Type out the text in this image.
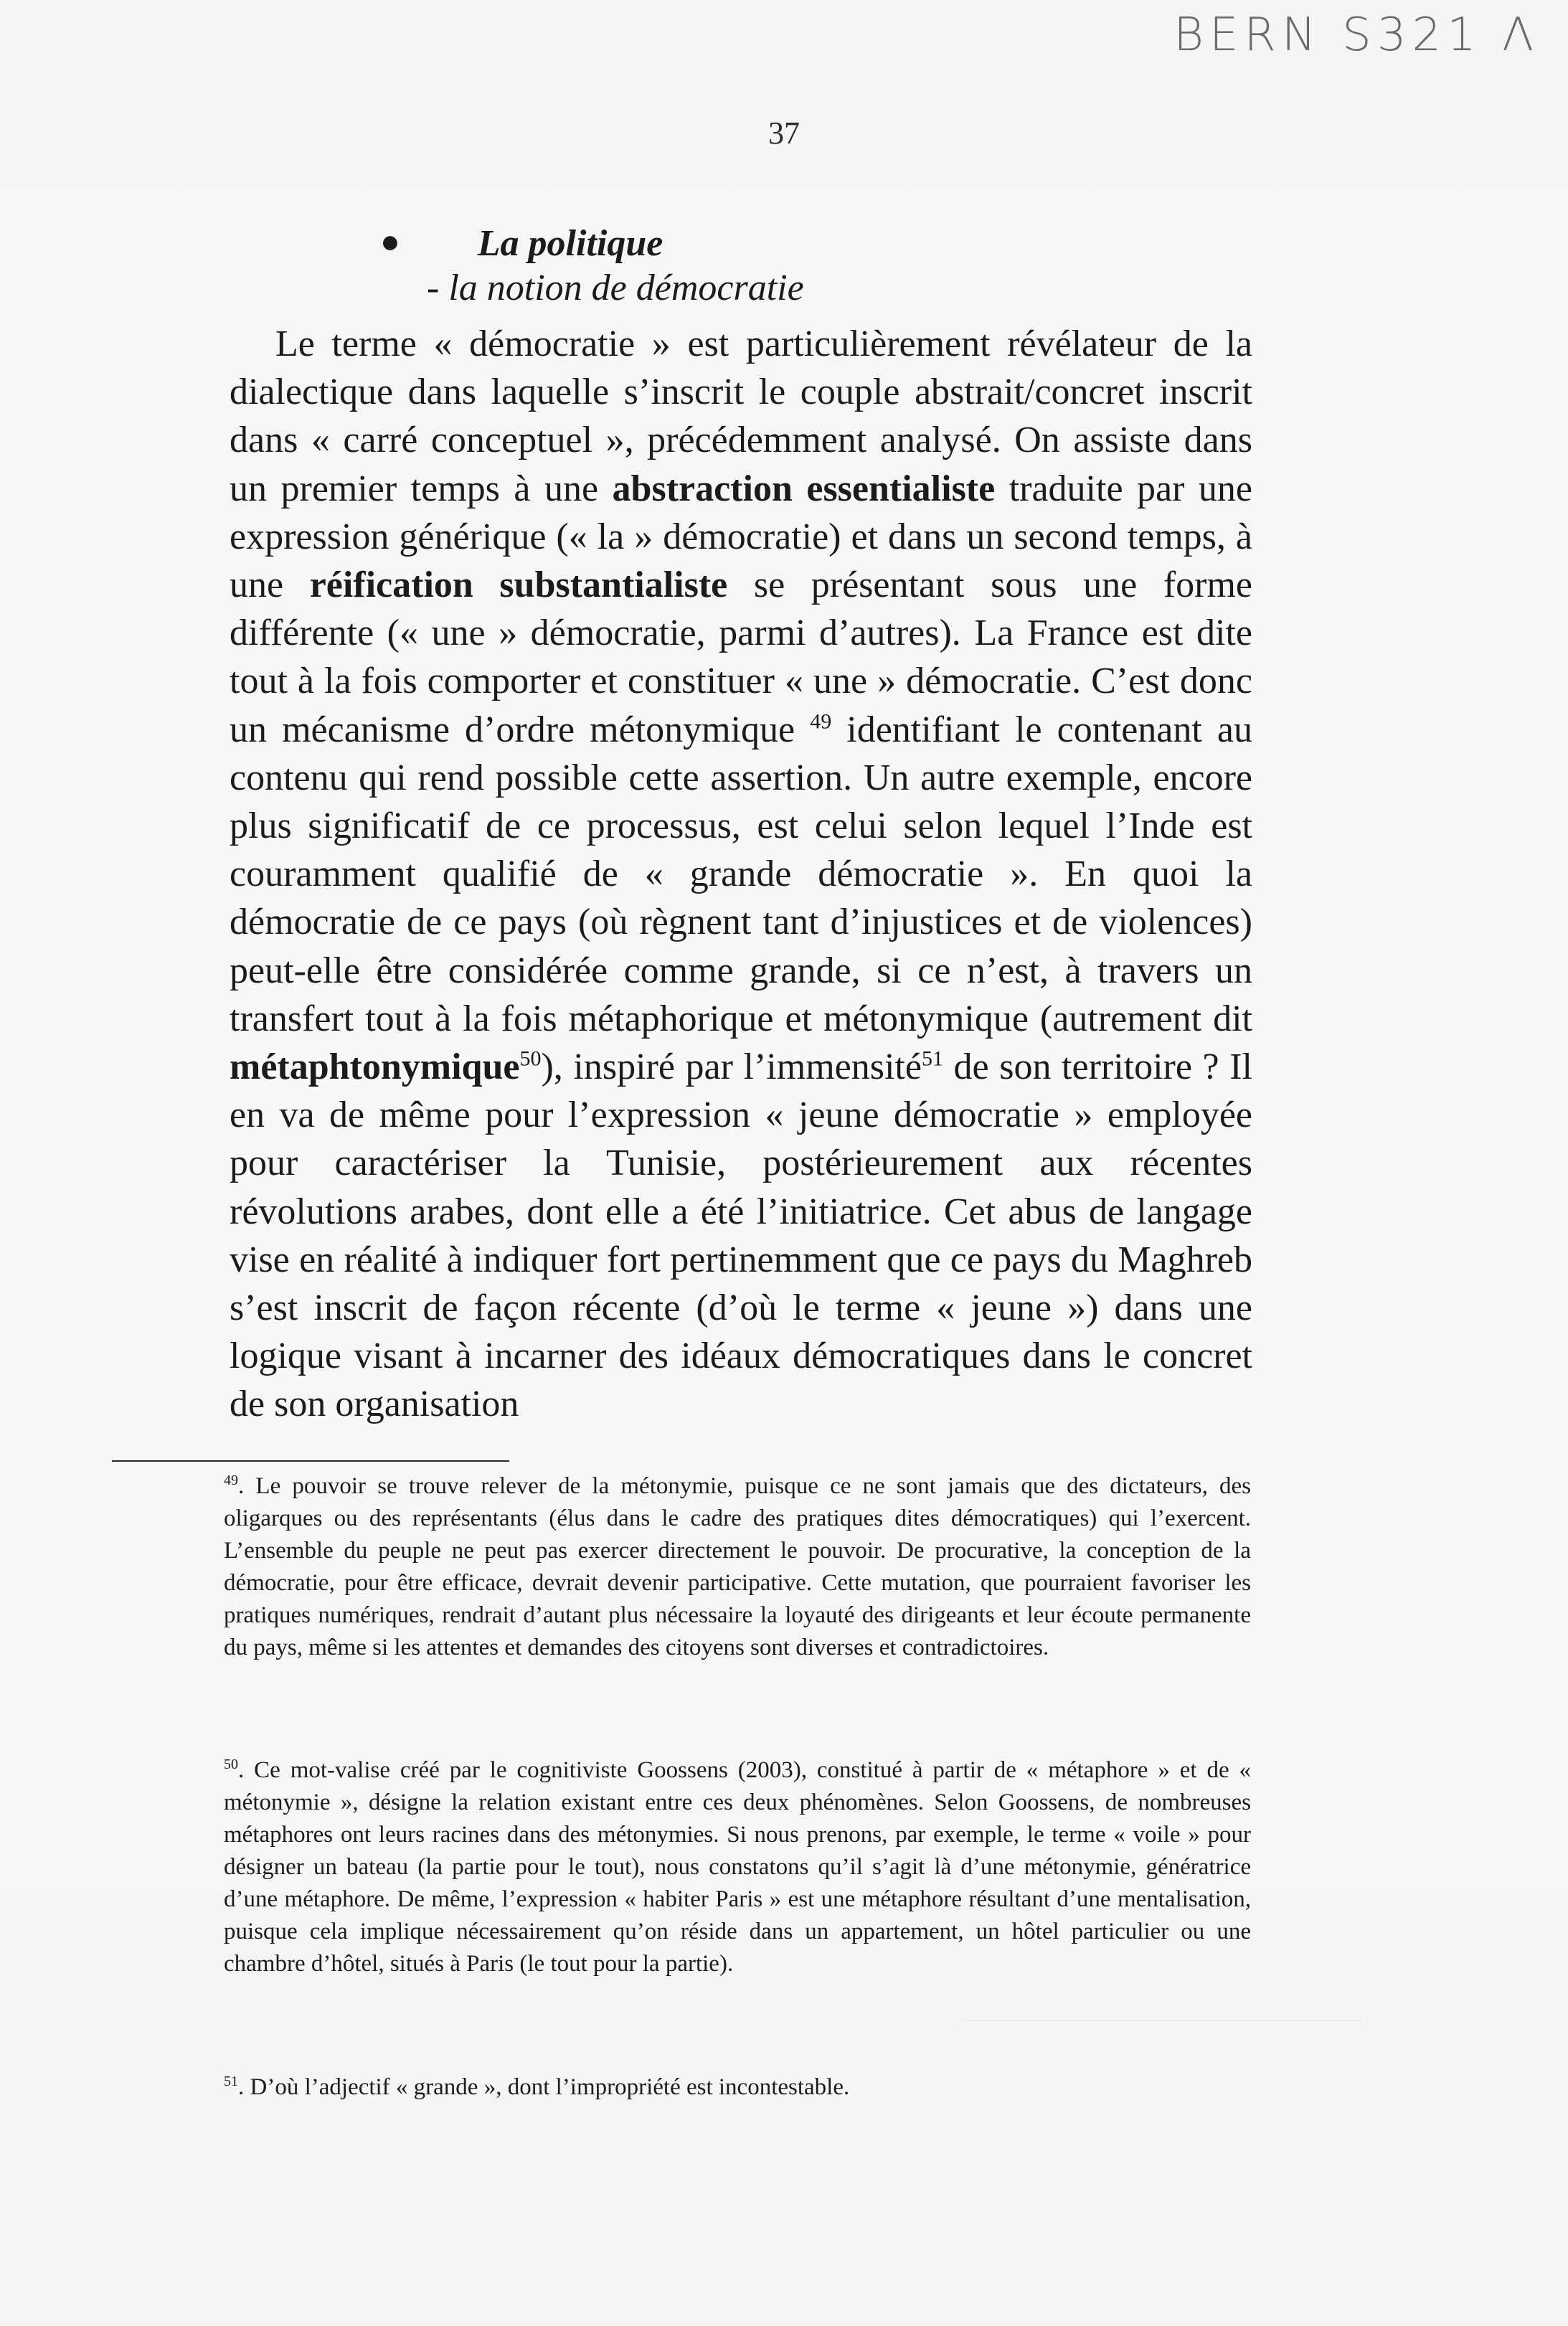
BERN S321 Λ
37
● La politique
- la notion de démocratie

Le terme « démocratie » est particulièrement révélateur de la dialectique dans laquelle s’inscrit le couple abstrait/concret inscrit dans « carré conceptuel », précédemment analysé. On assiste dans un premier temps à une abstraction essentialiste traduite par une expression générique (« la » démocratie) et dans un second temps, à une réification substantialiste se présentant sous une forme différente (« une » démocratie, parmi d’autres). La France est dite tout à la fois comporter et constituer « une » démocratie. C’est donc un mécanisme d’ordre métonymique $^{49}$ identifiant le contenant au contenu qui rend possible cette assertion. Un autre exemple, encore plus significatif de ce processus, est celui selon lequel l’Inde est couramment qualifié de « grande démocratie ». En quoi la démocratie de ce pays (où règnent tant d’injustices et de violences) peut-elle être considérée comme grande, si ce n’est, à travers un transfert tout à la fois métaphorique et métonymique (autrement dit métaphtonymique$^{50}$), inspiré par l’immensité$^{51}$ de son territoire ? Il en va de même pour l’expression « jeune démocratie » employée pour caractériser la Tunisie, postérieurement aux récentes révolutions arabes, dont elle a été l’initiatrice. Cet abus de langage vise en réalité à indiquer fort pertinemment que ce pays du Maghreb s’est inscrit de façon récente (d’où le terme « jeune ») dans une logique visant à incarner des idéaux démocratiques dans le concret de son organisation

$^{49}$. Le pouvoir se trouve relever de la métonymie, puisque ce ne sont jamais que des dictateurs, des oligarques ou des représentants (élus dans le cadre des pratiques dites démocratiques) qui l’exercent. L’ensemble du peuple ne peut pas exercer directement le pouvoir. De procurative, la conception de la démocratie, pour être efficace, devrait devenir participative. Cette mutation, que pourraient favoriser les pratiques numériques, rendrait d’autant plus nécessaire la loyauté des dirigeants et leur écoute permanente du pays, même si les attentes et demandes des citoyens sont diverses et contradictoires.

$^{50}$. Ce mot-valise créé par le cognitiviste Goossens (2003), constitué à partir de « métaphore » et de « métonymie », désigne la relation existant entre ces deux phénomènes. Selon Goossens, de nombreuses métaphores ont leurs racines dans des métonymies. Si nous prenons, par exemple, le terme « voile » pour désigner un bateau (la partie pour le tout), nous constatons qu’il s’agit là d’une métonymie, génératrice d’une métaphore. De même, l’expression « habiter Paris » est une métaphore résultant d’une mentalisation, puisque cela implique nécessairement qu’on réside dans un appartement, un hôtel particulier ou une chambre d’hôtel, situés à Paris (le tout pour la partie).

$^{51}$. D’où l’adjectif « grande », dont l’impropriété est incontestable.
